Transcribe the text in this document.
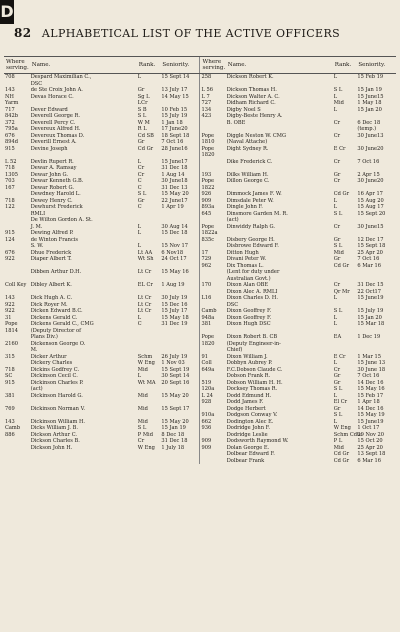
D
82 ALPHABETICAL LIST OF THE ACTIVE OFFICERS
Where serving.	Name.	Rank.	Seniority.	Where serving.	Name.	Rank.	Seniority.
708	Despard Maximilian C.,	L	15 Sept 14	258	Dickson Robert K.	L	15 Feb 19
	DSC						
143	de Ste Croix John A.	Gr	13 July 17	L 56	Dickson Thomas H.	S L	15 Jan 19
NH	Devas Horace C.	Sg L	14 May 15	L 7	Dickson Walter A. C.	L	15 June15
Yarm		LCr		727	Didham Richard C.	Mid	1 May 18
717	Dever Edward	S B	10 Feb 15	134	Digby Noel S	L	15 Jan 20
842b	Deverell George R.	S L	15 July 19	423	Digby-Beste Henry A.		
372	Deverell Percy C.	W M	1 Jan 18		B. OBE	Cr	6 Dec 18
795a	Devereux Alfred H.	R L	17 June20				(temp.)
676	Devereux Thomas D.	Cd SB	18 Sept 18	Pope	Diggle Neston W. CMG	Cr	30 June13
894d	Deverill Ernest A.	Gr	7 Oct 16	1810	(Naval Attache)		
915	Devine Joseph	Cd Gr	28 June16	Pope	Dight Sydney R.	E Cr	30 June20
				1820			
L 52	Devlin Rupert R.	L	15 June17		Dike Frederick C.	Cr	7 Oct 16
718	Dewar A. Ramsay	Cr	31 Dec 18				
1305	Dewar John G.	Cr	1 Aug 14	193	Dilks William H.	Gr	2 Apr 15
703	Dewar Kenneth G.B.	C	30 June18	Pope	Dillon George C.	Cr	30 June20
167	Dewar Robert G.	C	31 Dec 13	1822			
	Dewdney Harold L.	S L	15 May 20	926	Dimmock James F. W.	Cd Gr	16 Apr 17
718	Dewey Henry C.	Gr	22 June17	909	Dimsdale Peter W.	L	15 Aug 20
122	Dewhurst Frederick	C	1 Apr 19	893a	Dingle John F.	L	15 Aug 17
	RMLI			645	Dinsmore Garden M. R.	S L	15 Sept 20
	De Wilton Gordon A. St.				(act)		
	J. M.	L	30 Aug 14	Pope	Dinwiddy Ralph G.	Cr	30 June15
915	Dewing Alfred P.	L	15 Dec 18	1822a			
124	de Winton Francis			835c	Disbery George H.	Gr	12 Dec 17
	S. W.	L	15 Nov 17		Disbrowe Edward F.	S L	15 Sept 18
676	Dhue Frederick	Lt AA	6 Nov18	17	Ditton Hugh	Mid	25 Apr 20
922	Diaper Albert T.	Wt Sh	24 Oct 17	729	Divani Peter W.	Gr	7 Oct 16
				962	Dix Thomas L.	Cd Gr	6 Mar 16
	Dibben Arthur D.H.	Lt Cr	15 May 16		(Lent for duty under		
					Australian Govt.)		
Coll Key	Dibley Albert K.	EL Cr	1 Aug 19	170	Dixon Alan OBE	Cr	31 Dec 15
					Dixon Alec A. RMLI	Qr Mr	22 Oct17
143	Dick Hugh A. C.	Lt Cr	30 July 19	L16	Dixon Charles D. H.	L	15 June19
922	Dick Royer M.	Lt Cr	15 Dec 16		DSC		
922	Dicken Edward B.C.	Lt Cr	15 July 17	Camb	Dixon Geoffrey F.	S L	15 July 19
31	Dickens Gerald C.	L	15 May 18	948a	Dixon Geoffrey F.	L	15 Jan 20
Pope	Dickens Gerald C., CMG	C	31 Dec 19	381	Dixon Hugh DSC	L	15 Mar 18
1814	(Deputy Director of						
	Plans Div.)			Pope	Dixon Robert B. CB	EA	1 Dec 19
2160	Dickenson George O.			1820	(Deputy Engineer-in-		
	M.				Chief)		
315	Dicker Arthur	Schm	26 July 19	91	Dixon William J.	E Cr	1 Mar 15
	Dickery Charles	W Eng	1 Nov 03	Coll	Dobbyn Aubrey P.	L	15 June 13
718	Dickins Godfrey C.	Mid	15 Sept 19	649a	F.C.Dobson Claude C.	Cr	30 June 18
SC	Dickinson Cecil C.	L	30 Sept 14		Dobson Frank R.	Gr	7 Oct 16

915	Dickinson Charles P.	Wt MA	20 Sept 16	519	Dobson William H. H.	Gr	14 Dec 16
	(act)			120a	Docksey Thomas R.	S L	15 May 16
381	Dickinson Harold G.	Mid	15 May 20	L 24	Dodd Edmund H.	L	15 Feb 17
				928	Dodd James F.	El Cr	1 Apr 18
769	Dickinson Norman V.	Mid	15 Sept 17		Dodge Herbert	Gr	14 Dec 16
				910a	Dodgson Conway V.	S L	15 May 19
143	Dickinson William H.	Mid	15 May 20	662	Dodington Alec E.	L	15 June19

Camb	Dicks William J. B.	S L	15 Jan 19	936	Dodridge John F.	W Eng	1 Oct 17
886	Dickson Arthur C.	P Mid	8 Dec 18		Dodridge Leslie	Schm Cdte	29 Nov 20
	Dickson Charles B.	Cr	31 Dec 18	909	Dodsworth Raymond W.	P L	15 Oct 20
	Dickson John H.	W Eng	1 July 18	909	Dolan George E.	Mid	25 Apr 20
					Dolbear Edward F.	Cd Gr	13 Sept 18
					Dolbear Frank	Cd Gr	6 Mar 16
